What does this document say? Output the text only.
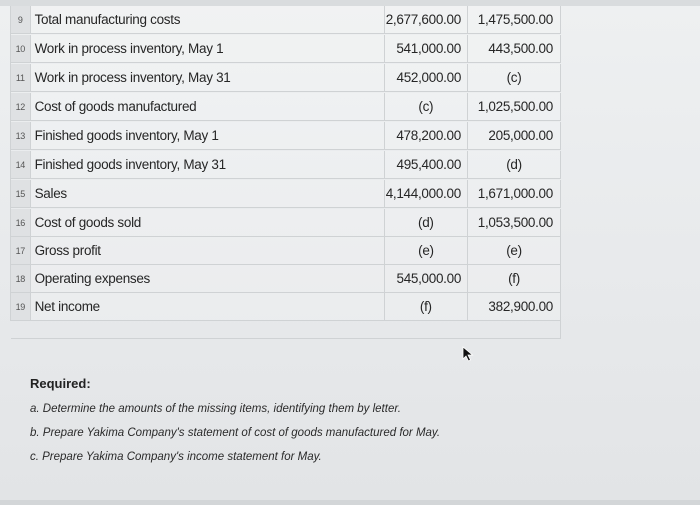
9 Total manufacturing costs	2,677,600.00	1,475,500.00
10 Work in process inventory, May 1	541,000.00	443,500.00
11 Work in process inventory, May 31	452,000.00	(c)
12 Cost of goods manufactured	(c)	1,025,500.00
13 Finished goods inventory, May 1	478,200.00	205,000.00
14 Finished goods inventory, May 31	495,400.00	(d)
15 Sales	4,144,000.00	1,671,000.00
16 Cost of goods sold	(d)	1,053,500.00
17 Gross profit	(e)	(e)
18 Operating expenses	545,000.00	(f)
19 Net income	(f)	382,900.00
Required:
a. Determine the amounts of the missing items, identifying them by letter.
b. Prepare Yakima Company's statement of cost of goods manufactured for May.
c. Prepare Yakima Company's income statement for May.
